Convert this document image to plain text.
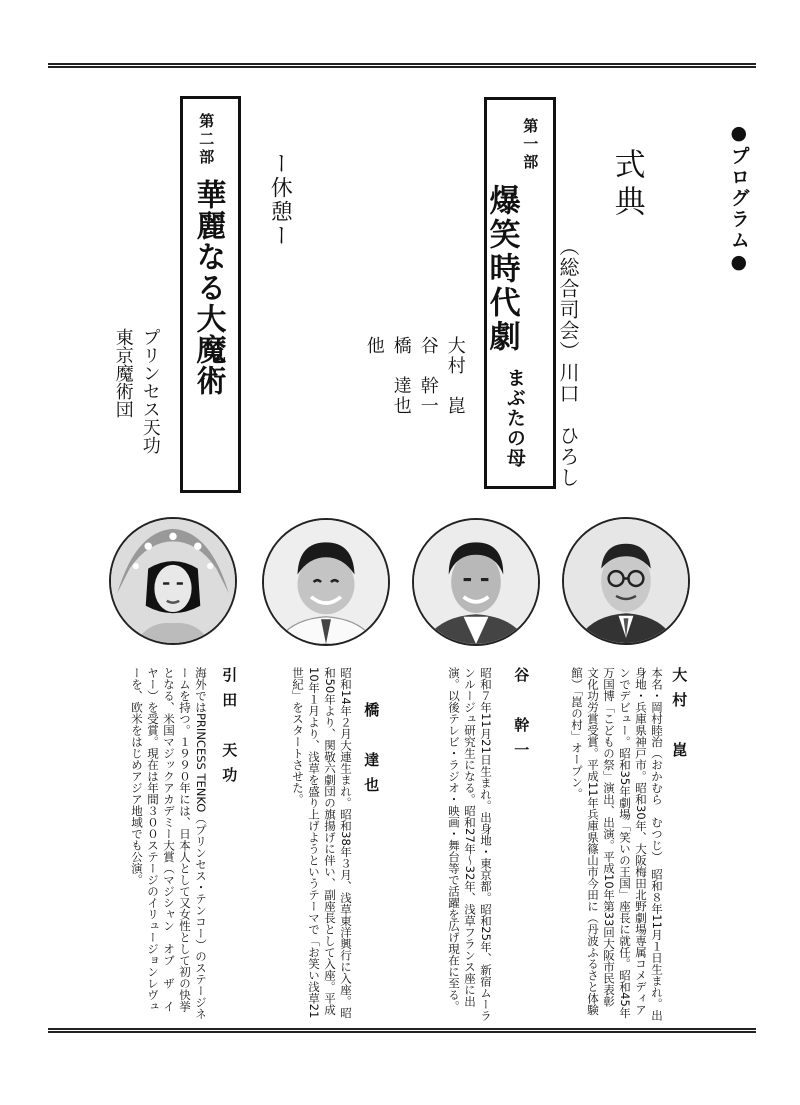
●プログラム●
式典
（総合司会）川口　ひろし
第一部
爆笑時代劇
まぶたの母
大村　崑
谷　幹一
橋　達也
他
ー休憩ー
第二部
華麗なる大魔術
プリンセス天功
東京魔術団
大村　崑
本名・岡村睦治（おかむら　むつじ）　昭和８年11月１日生まれ。出身地・兵庫県神戸市。昭和30年、大阪梅田北野劇場専属コメディアンでデビュー。昭和35年劇場「笑いの王国」座長に就任。昭和45年万国博「こどもの祭」演出、出演。平成10年第33回大阪市民表彰　文化功労賞受賞。平成11年兵庫県篠山市今田に（丹波ふるさと体験館）「崑の村」オープン。
谷　幹一
昭和７年11月21日生まれ。出身地・東京都。昭和25年、新宿ムーランルージュ研究生になる。昭和27年〜32年、浅草フランス座に出演。以後テレビ・ラジオ・映画・舞台等で活躍を広げ現在に至る。
橋　達也
昭和14年２月大連生まれ。昭和38年３月、浅草東洋興行に入座。昭和50年より、関敬六劇団の旗揚げに伴い、副座長として入座。平成10年１月より、浅草を盛り上げようというテーマで「お笑い浅草21世紀」をスタートさせた。
引田　天功
海外ではPRINCESS TENKO（プリンセス・テンコー）のステージネームを持つ。１９９０年には、日本人として又女性として初の快挙となる、米国マジックアカデミー大賞（マジシャン　オブ　ザ　イヤー）を受賞。現在は年間３００ステージのイリュージョンレヴューを、欧米をはじめアジア地域でも公演。
